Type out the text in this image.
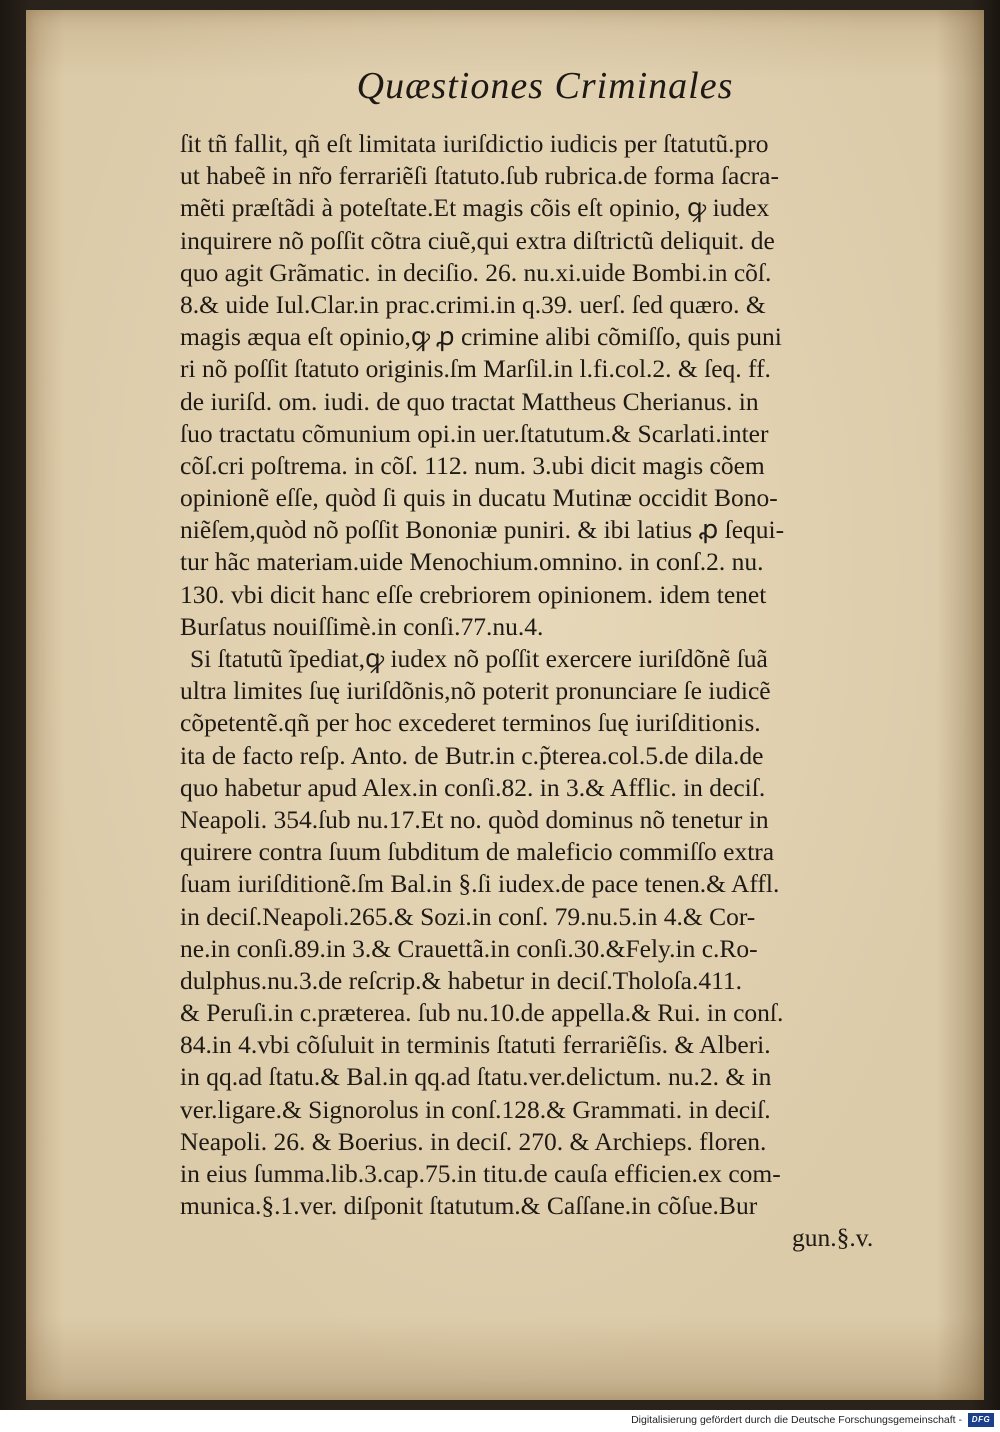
Quæstiones Criminales
ſit tñ fallit, qñ eſt limitata iuriſdictio iudicis per ſtatutũ.pro
ut habeẽ in nr̃o ferrariẽſi ſtatuto.ſub rubrica.de forma ſacra-
mẽti præſtãdi à poteſtate.Et magis cõis eſt opinio, ꝙ iudex
inquirere nõ poſſit cõtra ciuẽ,qui extra diſtrictũ deliquit. de
quo agit Grãmatic. in deciſio. 26. nu.xi.uide Bombi.in cõſ.
8.& uide Iul.Clar.in prac.crimi.in q.39. uerſ. ſed quæro. &
magis æqua eſt opinio,ꝙ ꝓ crimine alibi cõmiſſo, quis puni
ri nõ poſſit ſtatuto originis.ſm Marſil.in l.fi.col.2. & ſeq. ff.
de iuriſd. om. iudi. de quo tractat Mattheus Cherianus. in
ſuo tractatu cõmunium opi.in uer.ſtatutum.& Scarlati.inter
cõſ.cri poſtrema. in cõſ. 112. num. 3.ubi dicit magis cõem
opinionẽ eſſe, quòd ſi quis in ducatu Mutinæ occidit Bono-
niẽſem,quòd nõ poſſit Bononiæ puniri. & ibi latius ꝓ ſequi-
tur hãc materiam.uide Menochium.omnino. in conſ.2. nu.
130. vbi dicit hanc eſſe crebriorem opinionem. idem tenet
Burſatus nouiſſimè.in conſi.77.nu.4.
Si ſtatutũ ĩpediat,ꝙ iudex nõ poſſit exercere iuriſdõnẽ ſuã
ultra limites ſuę iuriſdõnis,nõ poterit pronunciare ſe iudicẽ
cõpetentẽ.qñ per hoc excederet terminos ſuę iuriſditionis.
ita de facto reſp. Anto. de Butr.in c.p̃terea.col.5.de dila.de
quo habetur apud Alex.in conſi.82. in 3.& Afflic. in deciſ.
Neapoli. 354.ſub nu.17.Et no. quòd dominus nõ tenetur in
quirere contra ſuum ſubditum de maleficio commiſſo extra
ſuam iuriſditionẽ.ſm Bal.in §.ſi iudex.de pace tenen.& Affl.
in deciſ.Neapoli.265.& Sozi.in conſ. 79.nu.5.in 4.& Cor-
ne.in conſi.89.in 3.& Crauettã.in conſi.30.&Fely.in c.Ro-
dulphus.nu.3.de reſcrip.& habetur in deciſ.Tholoſa.411.
& Peruſi.in c.præterea. ſub nu.10.de appella.& Rui. in conſ.
84.in 4.vbi cõſuluit in terminis ſtatuti ferrariẽſis. & Alberi.
in qq.ad ſtatu.& Bal.in qq.ad ſtatu.ver.delictum. nu.2. & in
ver.ligare.& Signorolus in conſ.128.& Grammati. in deciſ.
Neapoli. 26. & Boerius. in deciſ. 270. & Archieps. floren.
in eius ſumma.lib.3.cap.75.in titu.de cauſa efficien.ex com-
munica.§.1.ver. diſponit ſtatutum.& Caſſane.in cõſue.Bur
gun.§.v.
Digitalisierung gefördert durch die Deutsche Forschungsgemeinschaft -	DFG
